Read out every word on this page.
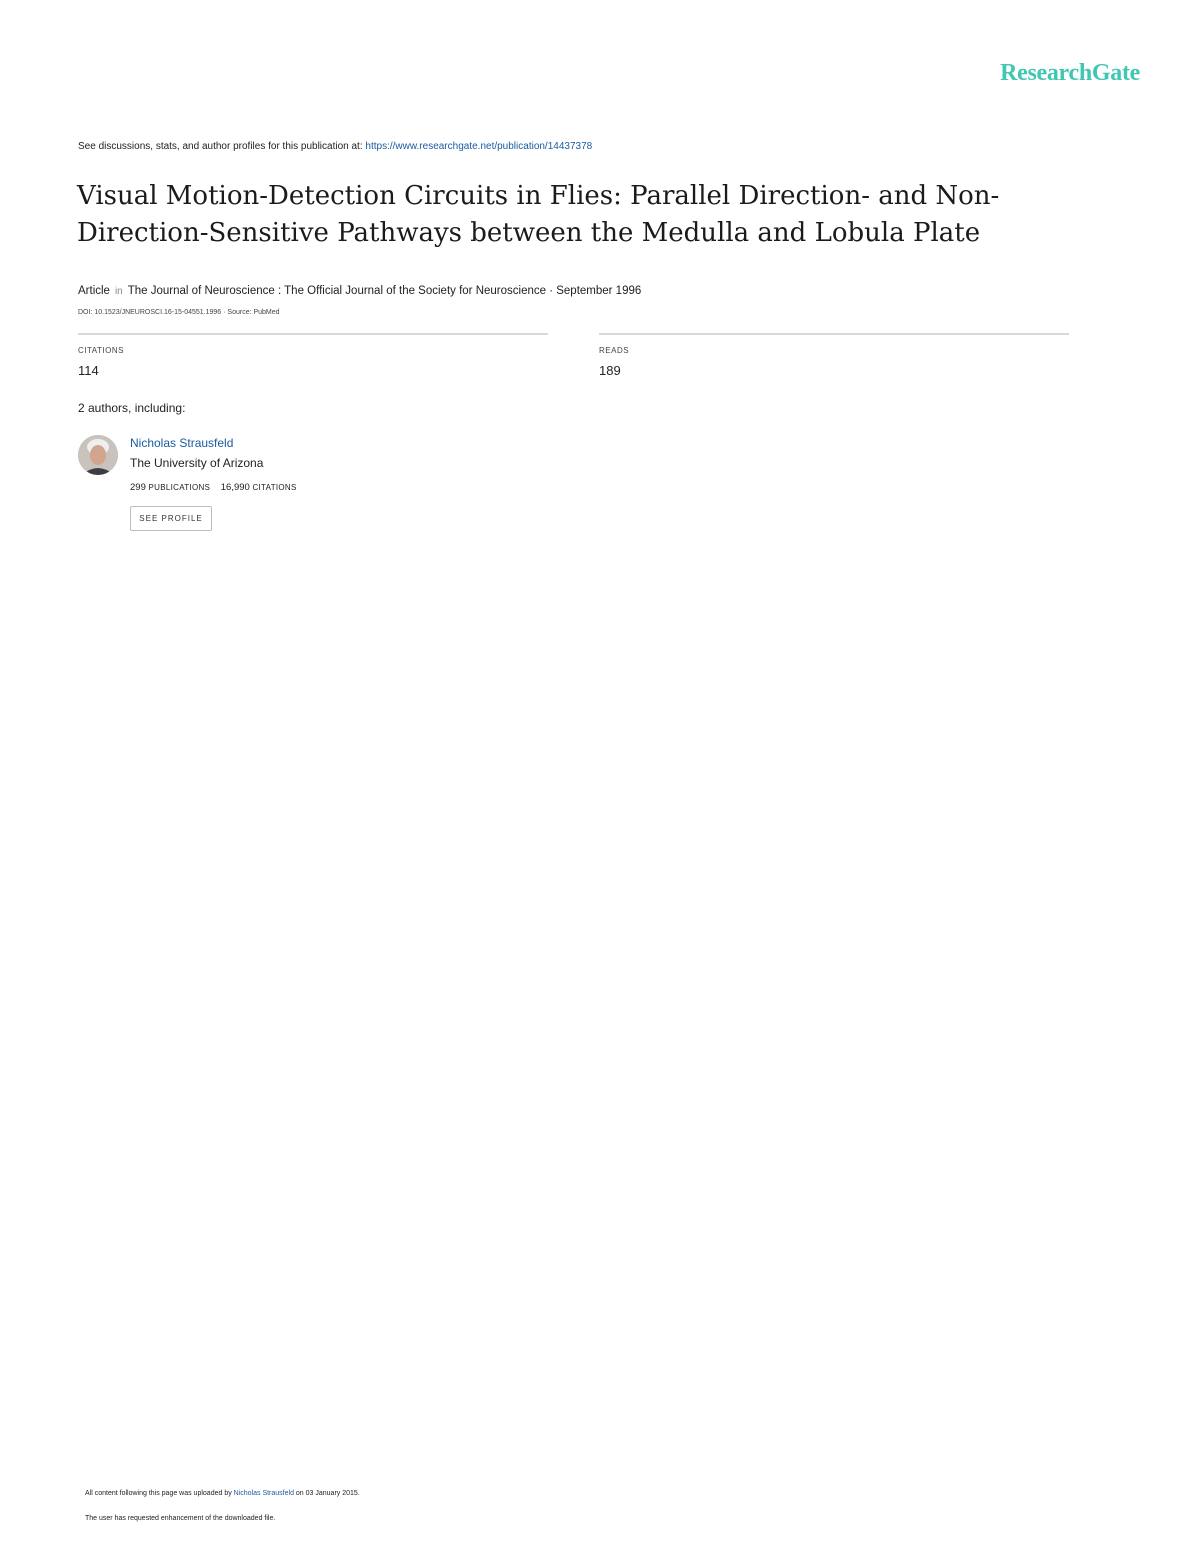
ResearchGate
See discussions, stats, and author profiles for this publication at: https://www.researchgate.net/publication/14437378
Visual Motion-Detection Circuits in Flies: Parallel Direction- and Non-Direction-Sensitive Pathways between the Medulla and Lobula Plate
Article in The Journal of Neuroscience : The Official Journal of the Society for Neuroscience · September 1996
DOI: 10.1523/JNEUROSCI.16-15-04551.1996 · Source: PubMed
CITATIONS
114
READS
189
2 authors, including:
Nicholas Strausfeld
The University of Arizona
299 PUBLICATIONS 16,990 CITATIONS
SEE PROFILE
All content following this page was uploaded by Nicholas Strausfeld on 03 January 2015.
The user has requested enhancement of the downloaded file.
